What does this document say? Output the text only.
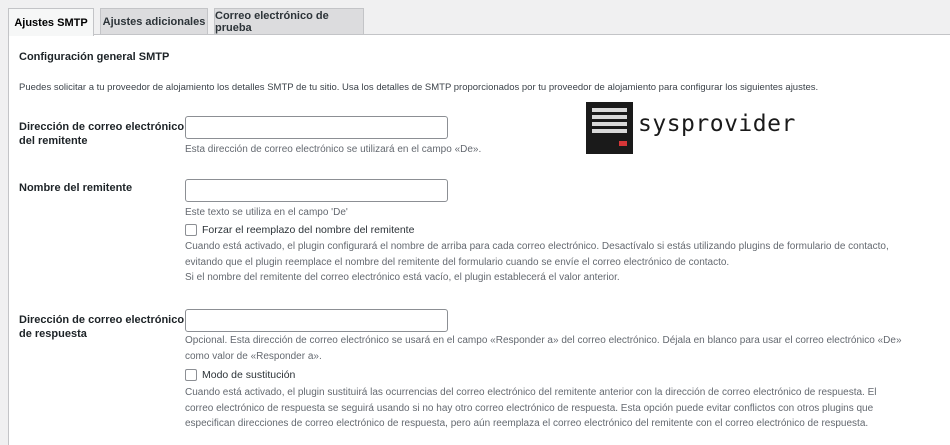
Ajustes SMTP	Ajustes adicionales Correo electrónico de prueba
Configuración general SMTP
Puedes solicitar a tu proveedor de alojamiento los detalles SMTP de tu sitio. Usa los detalles de SMTP proporcionados por tu proveedor de alojamiento para configurar los siguientes ajustes.
Dirección de correo electrónico
del remitente
Esta dirección de correo electrónico se utilizará en el campo «De».
Nombre del remitente
Este texto se utiliza en el campo 'De'
Forzar el reemplazo del nombre del remitente
Cuando está activado, el plugin configurará el nombre de arriba para cada correo electrónico. Desactívalo si estás utilizando plugins de formulario de contacto,
evitando que el plugin reemplace el nombre del remitente del formulario cuando se envíe el correo electrónico de contacto.
Si el nombre del remitente del correo electrónico está vacío, el plugin establecerá el valor anterior.
Dirección de correo electrónico
de respuesta
Opcional. Esta dirección de correo electrónico se usará en el campo «Responder a» del correo electrónico. Déjala en blanco para usar el correo electrónico «De»
como valor de «Responder a».
Modo de sustitución
Cuando está activado, el plugin sustituirá las ocurrencias del correo electrónico del remitente anterior con la dirección de correo electrónico de respuesta. El
correo electrónico de respuesta se seguirá usando si no hay otro correo electrónico de respuesta. Esta opción puede evitar conflictos con otros plugins que
especifican direcciones de correo electrónico de respuesta, pero aún reemplaza el correo electrónico del remitente con el correo electrónico de respuesta.
sysprovider
